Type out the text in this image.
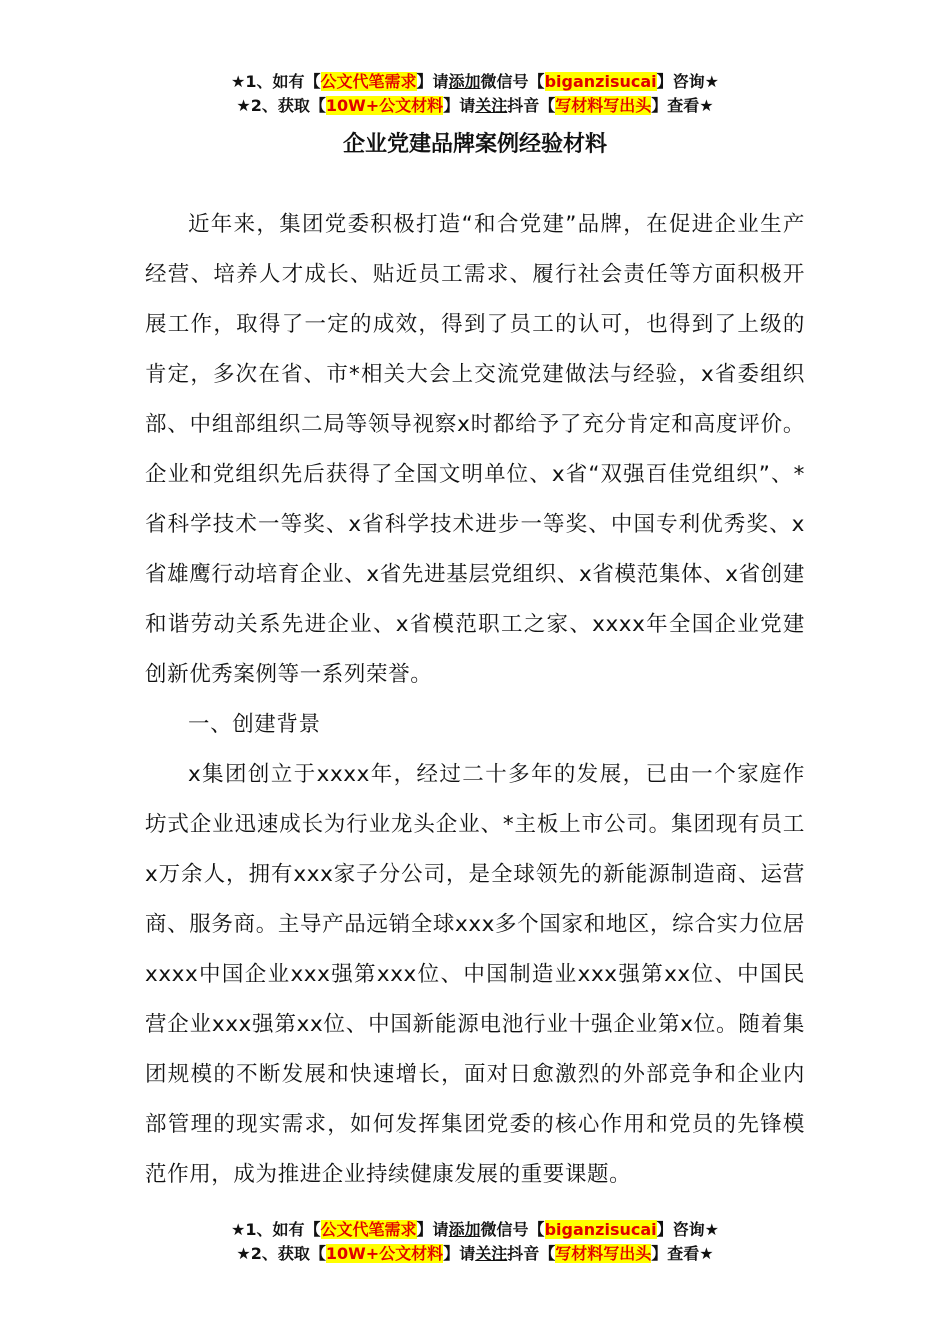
★1、如有【公文代笔需求】请添加微信号【biganzisucai】咨询★
★2、获取【10W+公文材料】请关注抖音【写材料写出头】查看★
企业党建品牌案例经验材料

近年来，集团党委积极打造“和合党建”品牌，在促进企业生产经营、培养人才成长、贴近员工需求、履行社会责任等方面积极开展工作，取得了一定的成效，得到了员工的认可，也得到了上级的肯定，多次在省、市*相关大会上交流党建做法与经验，x省委组织部、中组部组织二局等领导视察x时都给予了充分肯定和高度评价。企业和党组织先后获得了全国文明单位、x省“双强百佳党组织”、*省科学技术一等奖、x省科学技术进步一等奖、中国专利优秀奖、x省雄鹰行动培育企业、x省先进基层党组织、x省模范集体、x省创建和谐劳动关系先进企业、x省模范职工之家、xxxx年全国企业党建创新优秀案例等一系列荣誉。

一、创建背景

x集团创立于xxxx年，经过二十多年的发展，已由一个家庭作坊式企业迅速成长为行业龙头企业、*主板上市公司。集团现有员工x万余人，拥有xxx家子分公司，是全球领先的新能源制造商、运营商、服务商。主导产品远销全球xxx多个国家和地区，综合实力位居xxxx中国企业xxx强第xxx位、中国制造业xxx强第xx位、中国民营企业xxx强第xx位、中国新能源电池行业十强企业第x位。随着集团规模的不断发展和快速增长，面对日愈激烈的外部竞争和企业内部管理的现实需求，如何发挥集团党委的核心作用和党员的先锋模范作用，成为推进企业持续健康发展的重要课题。

★1、如有【公文代笔需求】请添加微信号【biganzisucai】咨询★
★2、获取【10W+公文材料】请关注抖音【写材料写出头】查看★
